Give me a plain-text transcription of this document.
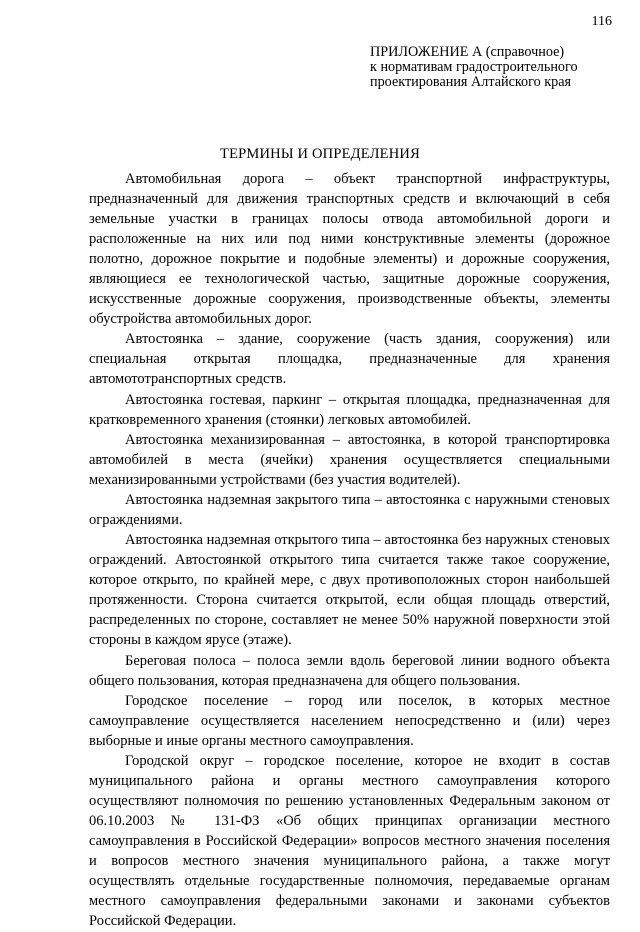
116
ПРИЛОЖЕНИЕ А (справочное)
к нормативам градостроительного
проектирования Алтайского края
ТЕРМИНЫ И ОПРЕДЕЛЕНИЯ

Автомобильная дорога – объект транспортной инфраструктуры, предназначенный для движения транспортных средств и включающий в себя земельные участки в границах полосы отвода автомобильной дороги и расположенные на них или под ними конструктивные элементы (дорожное полотно, дорожное покрытие и подобные элементы) и дорожные сооружения, являющиеся ее технологической частью, защитные дорожные сооружения, искусственные дорожные сооружения, производственные объекты, элементы обустройства автомобильных дорог.

Автостоянка – здание, сооружение (часть здания, сооружения) или специальная открытая площадка, предназначенные для хранения автомототранспортных средств.

Автостоянка гостевая, паркинг – открытая площадка, предназначенная для кратковременного хранения (стоянки) легковых автомобилей.

Автостоянка механизированная – автостоянка, в которой транспортировка автомобилей в места (ячейки) хранения осуществляется специальными механизированными устройствами (без участия водителей).

Автостоянка надземная закрытого типа – автостоянка с наружными стеновых ограждениями.

Автостоянка надземная открытого типа – автостоянка без наружных стеновых ограждений. Автостоянкой открытого типа считается также такое сооружение, которое открыто, по крайней мере, с двух противоположных сторон наибольшей протяженности. Сторона считается открытой, если общая площадь отверстий, распределенных по стороне, составляет не менее 50% наружной поверхности этой стороны в каждом ярусе (этаже).

Береговая полоса – полоса земли вдоль береговой линии водного объекта общего пользования, которая предназначена для общего пользования.

Городское поселение – город или поселок, в которых местное самоуправление осуществляется населением непосредственно и (или) через выборные и иные органы местного самоуправления.

Городской округ – городское поселение, которое не входит в состав муниципального района и органы местного самоуправления которого осуществляют полномочия по решению установленных Федеральным законом от 06.10.2003 № 131-ФЗ «Об общих принципах организации местного самоуправления в Российской Федерации» вопросов местного значения поселения и вопросов местного значения муниципального района, а также могут осуществлять отдельные государственные полномочия, передаваемые органам местного самоуправления федеральными законами и законами субъектов Российской Федерации.
